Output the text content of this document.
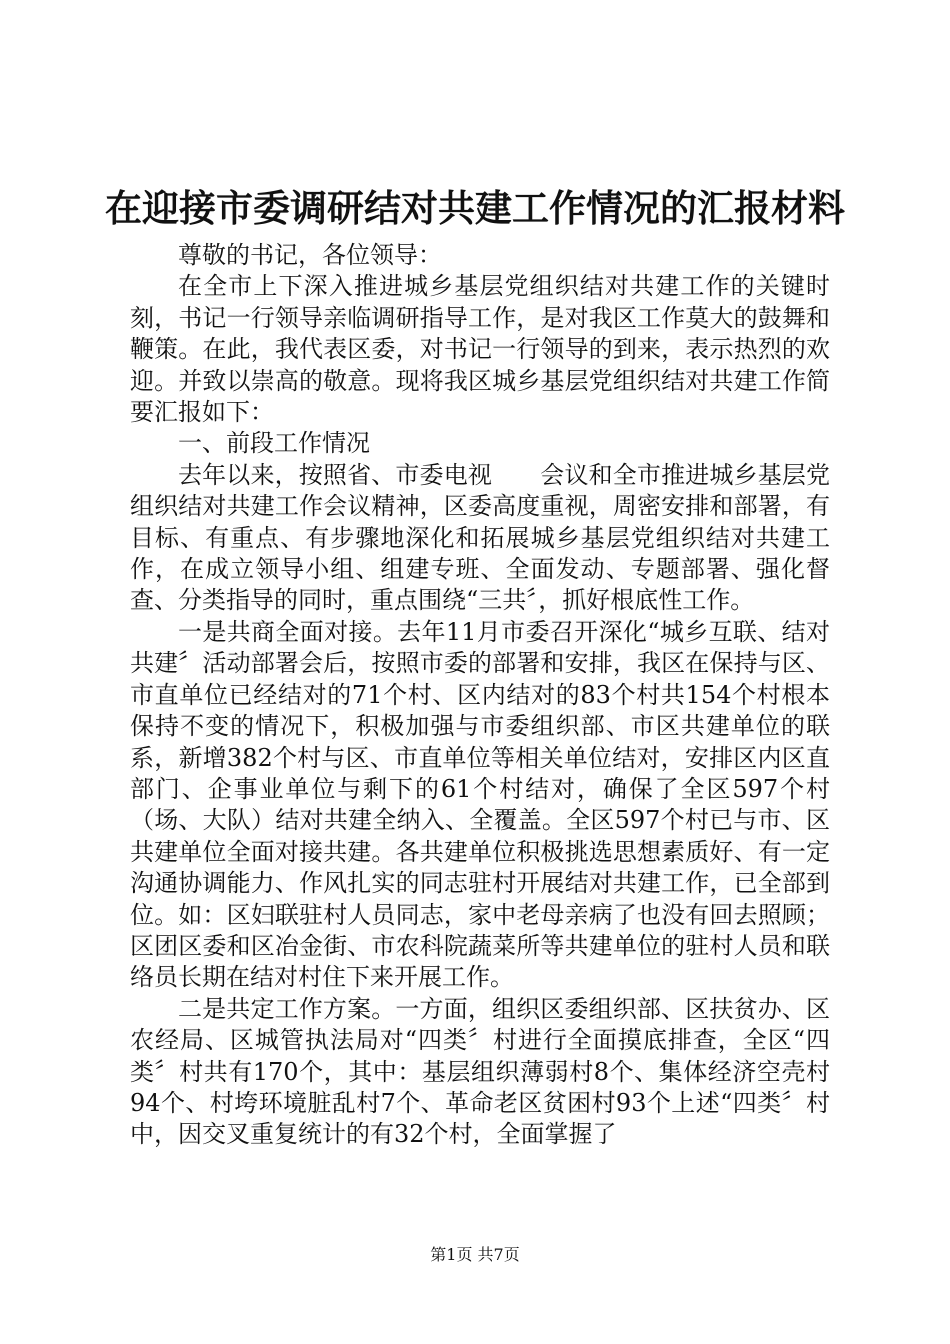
在迎接市委调研结对共建工作情况的汇报材料

尊敬的书记，各位领导：

在全市上下深入推进城乡基层党组织结对共建工作的关键时刻，书记一行领导亲临调研指导工作，是对我区工作莫大的鼓舞和鞭策。在此，我代表区委，对书记一行领导的到来，表示热烈的欢迎。并致以崇高的敬意。现将我区城乡基层党组织结对共建工作简要汇报如下：

一、前段工作情况

去年以来，按照省、市委电视　　会议和全市推进城乡基层党组织结对共建工作会议精神，区委高度重视，周密安排和部署，有目标、有重点、有步骤地深化和拓展城乡基层党组织结对共建工作，在成立领导小组、组建专班、全面发动、专题部署、强化督查、分类指导的同时，重点围绕“三共〞，抓好根底性工作。

一是共商全面对接。去年11月市委召开深化“城乡互联、结对共建〞活动部署会后，按照市委的部署和安排，我区在保持与区、市直单位已经结对的71个村、区内结对的83个村共154个村根本保持不变的情况下，积极加强与市委组织部、市区共建单位的联系，新增382个村与区、市直单位等相关单位结对，安排区内区直部门、企事业单位与剩下的61个村结对，确保了全区597个村（场、大队）结对共建全纳入、全覆盖。全区597个村已与市、区共建单位全面对接共建。各共建单位积极挑选思想素质好、有一定沟通协调能力、作风扎实的同志驻村开展结对共建工作，已全部到位。如：区妇联驻村人员同志，家中老母亲病了也没有回去照顾；区团区委和区冶金街、市农科院蔬菜所等共建单位的驻村人员和联络员长期在结对村住下来开展工作。

二是共定工作方案。一方面，组织区委组织部、区扶贫办、区农经局、区城管执法局对“四类〞村进行全面摸底排查，全区“四类〞村共有170个，其中：基层组织薄弱村8个、集体经济空壳村94个、村垮环境脏乱村7个、革命老区贫困村93个上述“四类〞村中，因交叉重复统计的有32个村，全面掌握了

第1页 共7页
